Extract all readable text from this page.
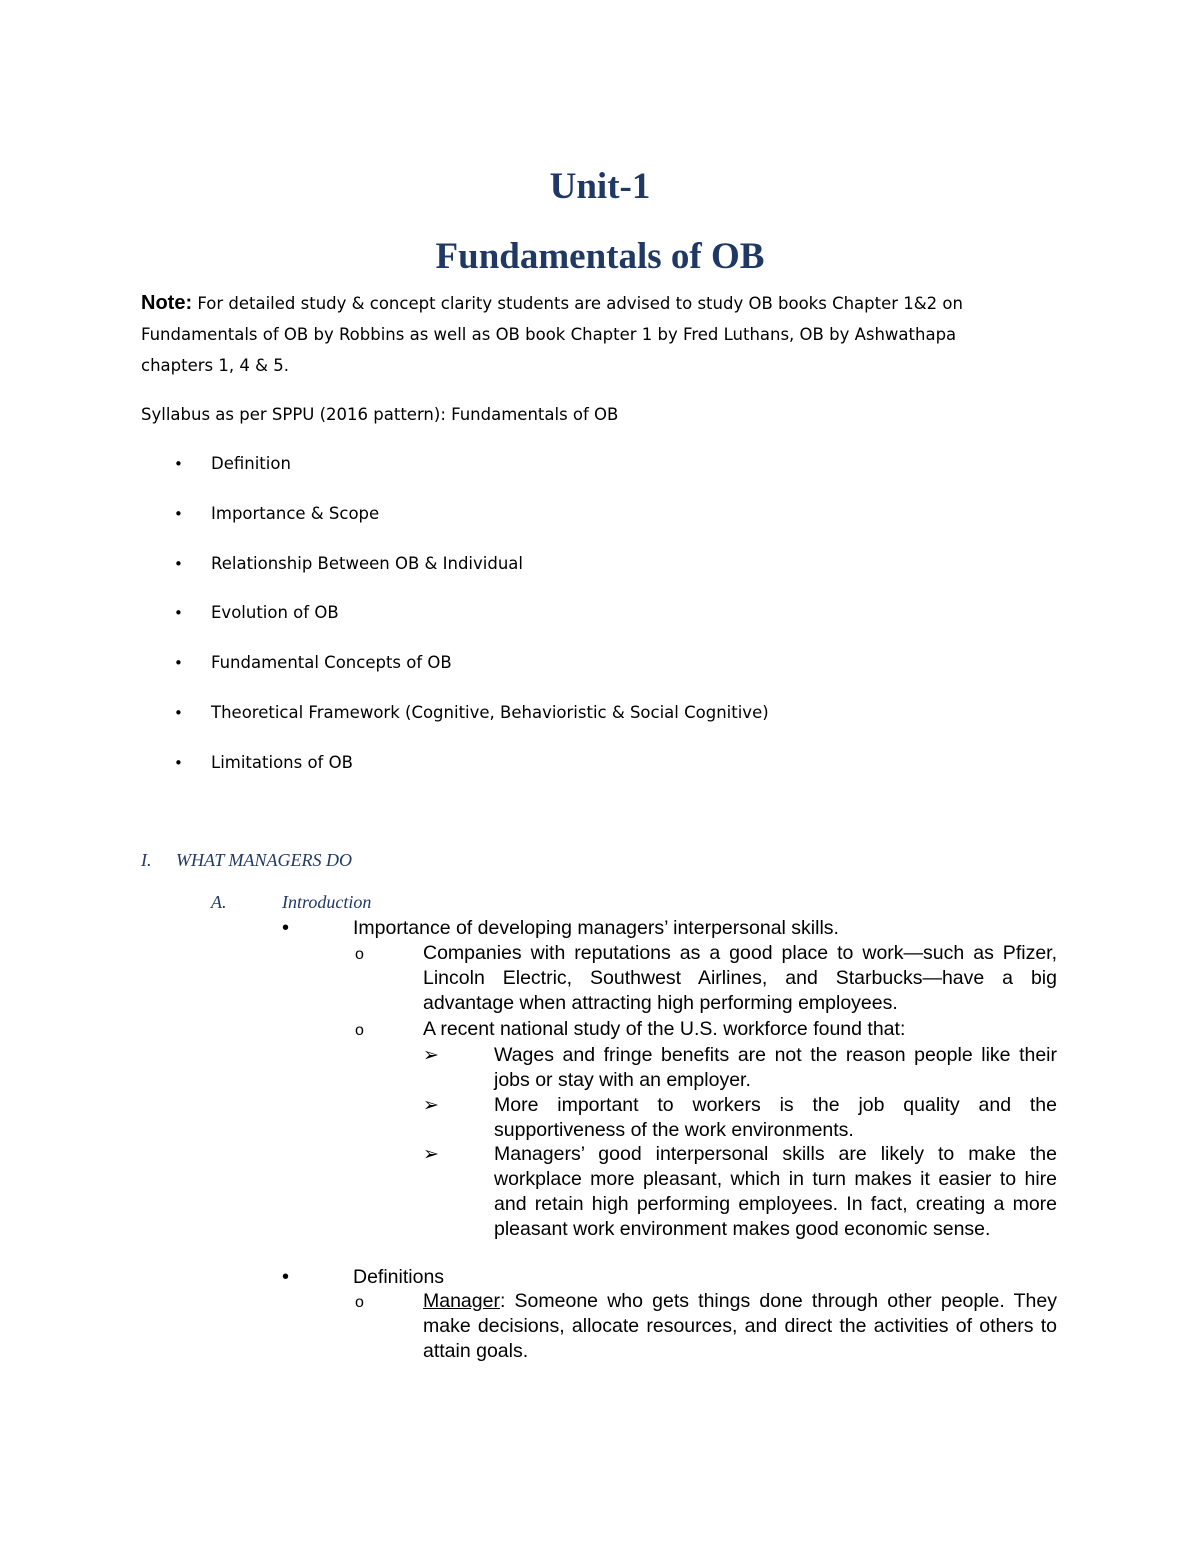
Unit-1
Fundamentals of OB

Note: For detailed study & concept clarity students are advised to study OB books Chapter 1&2 on Fundamentals of OB by Robbins as well as OB book Chapter 1 by Fred Luthans, OB by Ashwathapa chapters 1, 4 & 5.

Syllabus as per SPPU (2016 pattern): Fundamentals of OB

• Definition
• Importance & Scope
• Relationship Between OB & Individual
• Evolution of OB
• Fundamental Concepts of OB
• Theoretical Framework (Cognitive, Behavioristic & Social Cognitive)
• Limitations of OB
I. WHAT MANAGERS DO
A.	Introduction
•	Importance of developing managers’ interpersonal skills.
o	Companies with reputations as a good place to work—such as Pfizer, Lincoln Electric, Southwest Airlines, and Starbucks—have a big advantage when attracting high performing employees.
o	A recent national study of the U.S. workforce found that:
➢	Wages and fringe benefits are not the reason people like their jobs or stay with an employer.
➢	More important to workers is the job quality and the supportiveness of the work environments.
➢	Managers’ good interpersonal skills are likely to make the workplace more pleasant, which in turn makes it easier to hire and retain high performing employees. In fact, creating a more pleasant work environment makes good economic sense.
•	Definitions
o	Manager: Someone who gets things done through other people. They make decisions, allocate resources, and direct the activities of others to attain goals.
